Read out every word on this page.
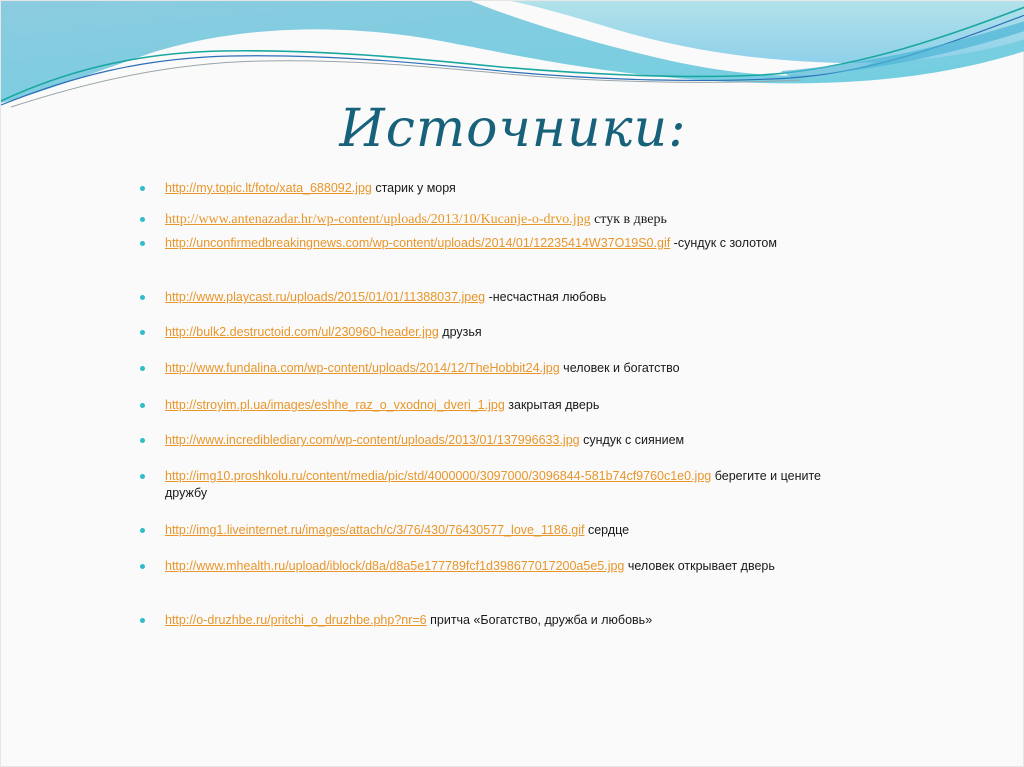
Источники:
http://my.topic.lt/foto/xata_688092.jpg старик у моря
http://www.antenazadar.hr/wp-content/uploads/2013/10/Kucanje-o-drvo.jpg стук в дверь
http://unconfirmedbreakingnews.com/wp-content/uploads/2014/01/12235414W37O19S0.gif -сундук с золотом
http://www.playcast.ru/uploads/2015/01/01/11388037.jpeg -несчастная любовь
http://bulk2.destructoid.com/ul/230960-header.jpg друзья
http://www.fundalina.com/wp-content/uploads/2014/12/TheHobbit24.jpg человек и богатство
http://stroyim.pl.ua/images/eshhe_raz_o_vxodnoj_dveri_1.jpg закрытая дверь
http://www.incrediblediary.com/wp-content/uploads/2013/01/137996633.jpg сундук с сиянием
http://img10.proshkolu.ru/content/media/pic/std/4000000/3097000/3096844-581b74cf9760c1e0.jpg берегите и цените дружбу
http://img1.liveinternet.ru/images/attach/c/3/76/430/76430577_love_1186.gif сердце
http://www.mhealth.ru/upload/iblock/d8a/d8a5e177789fcf1d398677017200a5e5.jpg человек открывает дверь
http://o-druzhbe.ru/pritchi_o_druzhbe.php?nr=6 притча «Богатство, дружба и любовь»
